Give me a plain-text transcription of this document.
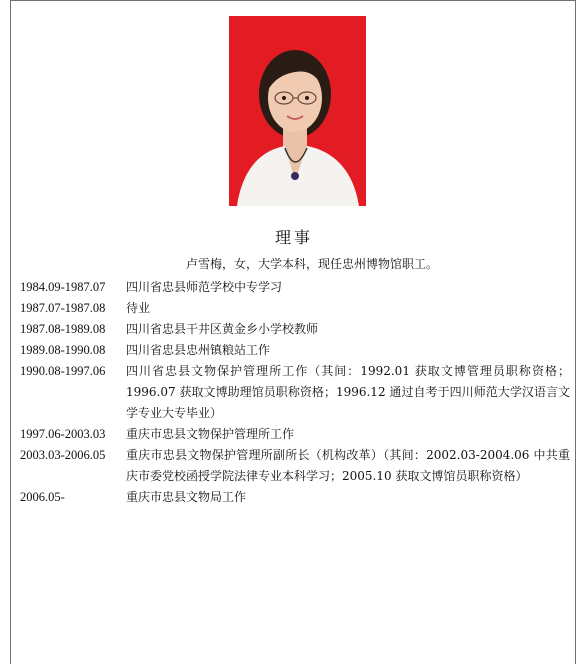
理事
卢雪梅，女，大学本科，现任忠州博物馆职工。
1984.09-1987.07	四川省忠县师范学校中专学习
1987.07-1987.08	待业
1987.08-1989.08	四川省忠县干井区黄金乡小学校教师
1989.08-1990.08	四川省忠县忠州镇粮站工作
1990.08-1997.06	四川省忠县文物保护管理所工作（其间：1992.01 获取文博管理员职称资格；1996.07 获取文博助理馆员职称资格；1996.12 通过自考于四川师范大学汉语言文学专业大专毕业）
1997.06-2003.03	重庆市忠县文物保护管理所工作
2003.03-2006.05	重庆市忠县文物保护管理所副所长（机构改革）（其间：2002.03-2004.06 中共重庆市委党校函授学院法律专业本科学习；2005.10 获取文博馆员职称资格）
2006.05-	重庆市忠县文物局工作
